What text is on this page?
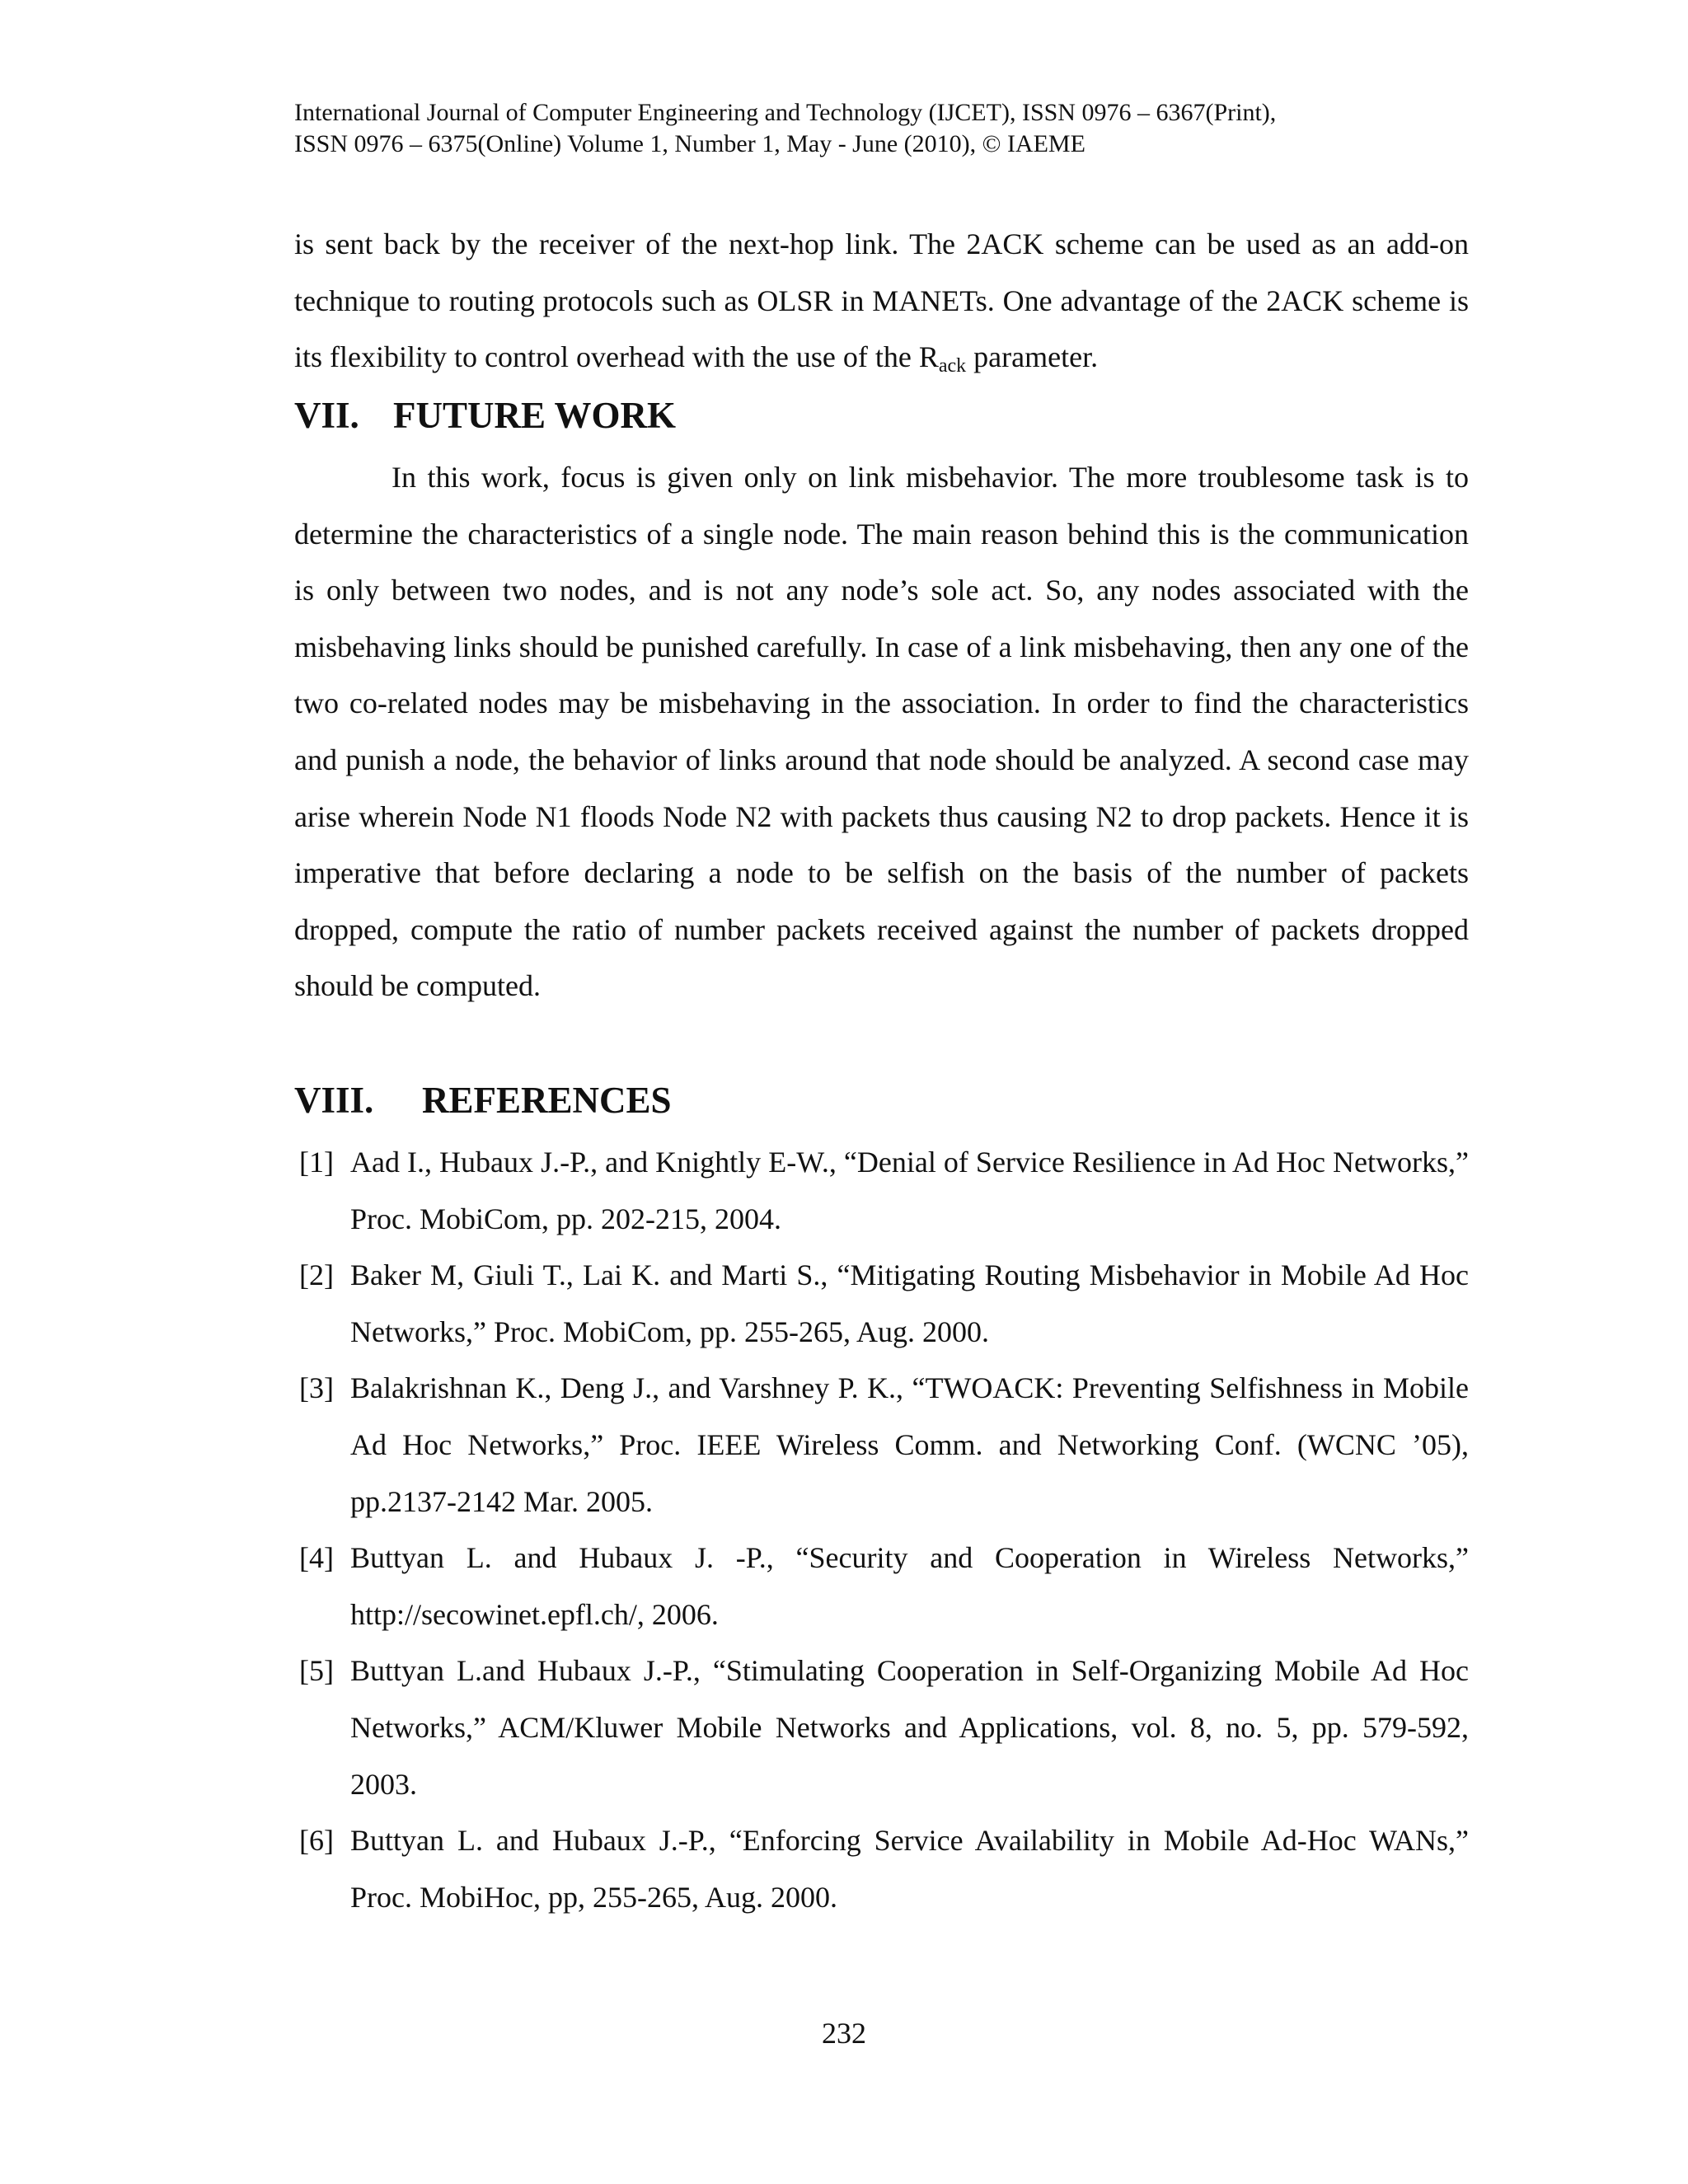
International Journal of Computer Engineering and Technology (IJCET), ISSN 0976 – 6367(Print),
ISSN 0976 – 6375(Online) Volume 1, Number 1, May - June (2010), © IAEME
is sent back by the receiver of the next-hop link. The 2ACK scheme can be used as an add-on technique to routing protocols such as OLSR in MANETs. One advantage of the 2ACK scheme is its flexibility to control overhead with the use of the $R_{ack}$ parameter.
VII. FUTURE WORK
In this work, focus is given only on link misbehavior. The more troublesome task is to determine the characteristics of a single node. The main reason behind this is the communication is only between two nodes, and is not any node’s sole act. So, any nodes associated with the misbehaving links should be punished carefully. In case of a link misbehaving, then any one of the two co-related nodes may be misbehaving in the association. In order to find the characteristics and punish a node, the behavior of links around that node should be analyzed. A second case may arise wherein Node N1 floods Node N2 with packets thus causing N2 to drop packets. Hence it is imperative that before declaring a node to be selfish on the basis of the number of packets dropped, compute the ratio of number packets received against the number of packets dropped should be computed.
VIII. REFERENCES
[1] Aad I., Hubaux J.-P., and Knightly E-W., “Denial of Service Resilience in Ad Hoc Networks,” Proc. MobiCom, pp. 202-215, 2004.
[2] Baker M, Giuli T., Lai K. and Marti S., “Mitigating Routing Misbehavior in Mobile Ad Hoc Networks,” Proc. MobiCom, pp. 255-265, Aug. 2000.
[3] Balakrishnan K., Deng J., and Varshney P. K., “TWOACK: Preventing Selfishness in Mobile Ad Hoc Networks,” Proc. IEEE Wireless Comm. and Networking Conf. (WCNC ’05), pp.2137-2142 Mar. 2005.
[4] Buttyan L. and Hubaux J. -P., “Security and Cooperation in Wireless Networks,” http://secowinet.epfl.ch/, 2006.
[5] Buttyan L.and Hubaux J.-P., “Stimulating Cooperation in Self-Organizing Mobile Ad Hoc Networks,” ACM/Kluwer Mobile Networks and Applications, vol. 8, no. 5, pp. 579-592, 2003.
[6] Buttyan L. and Hubaux J.-P., “Enforcing Service Availability in Mobile Ad-Hoc WANs,” Proc. MobiHoc, pp, 255-265, Aug. 2000.
232
